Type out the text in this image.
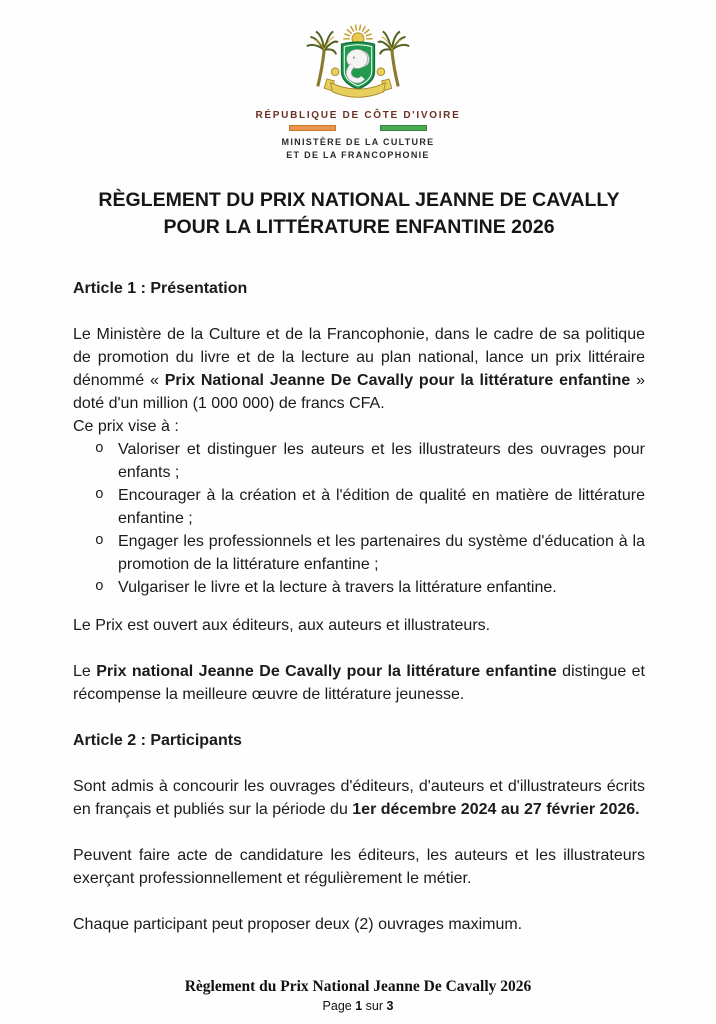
RÉPUBLIQUE DE CÔTE D'IVOIRE
MINISTÈRE DE LA CULTURE
ET DE LA FRANCOPHONIE
RÈGLEMENT DU PRIX NATIONAL JEANNE DE CAVALLY
POUR LA LITTÉRATURE ENFANTINE 2026
Article 1 : Présentation

Le Ministère de la Culture et de la Francophonie, dans le cadre de sa politique de promotion du livre et de la lecture au plan national, lance un prix littéraire dénommé « Prix National Jeanne De Cavally pour la littérature enfantine » doté d'un million (1 000 000) de francs CFA.

Ce prix vise à :
o Valoriser et distinguer les auteurs et les illustrateurs des ouvrages pour enfants ;
o Encourager à la création et à l'édition de qualité en matière de littérature enfantine ;
o Engager les professionnels et les partenaires du système d'éducation à la promotion de la littérature enfantine ;
o Vulgariser le livre et la lecture à travers la littérature enfantine.

Le Prix est ouvert aux éditeurs, aux auteurs et illustrateurs.

Le Prix national Jeanne De Cavally pour la littérature enfantine distingue et récompense la meilleure œuvre de littérature jeunesse.

Article 2 : Participants

Sont admis à concourir les ouvrages d'éditeurs, d'auteurs et d'illustrateurs écrits en français et publiés sur la période du 1er décembre 2024 au 27 février 2026.

Peuvent faire acte de candidature les éditeurs, les auteurs et les illustrateurs exerçant professionnellement et régulièrement le métier.

Chaque participant peut proposer deux (2) ouvrages maximum.

Règlement du Prix National Jeanne De Cavally 2026
Page 1 sur 3
